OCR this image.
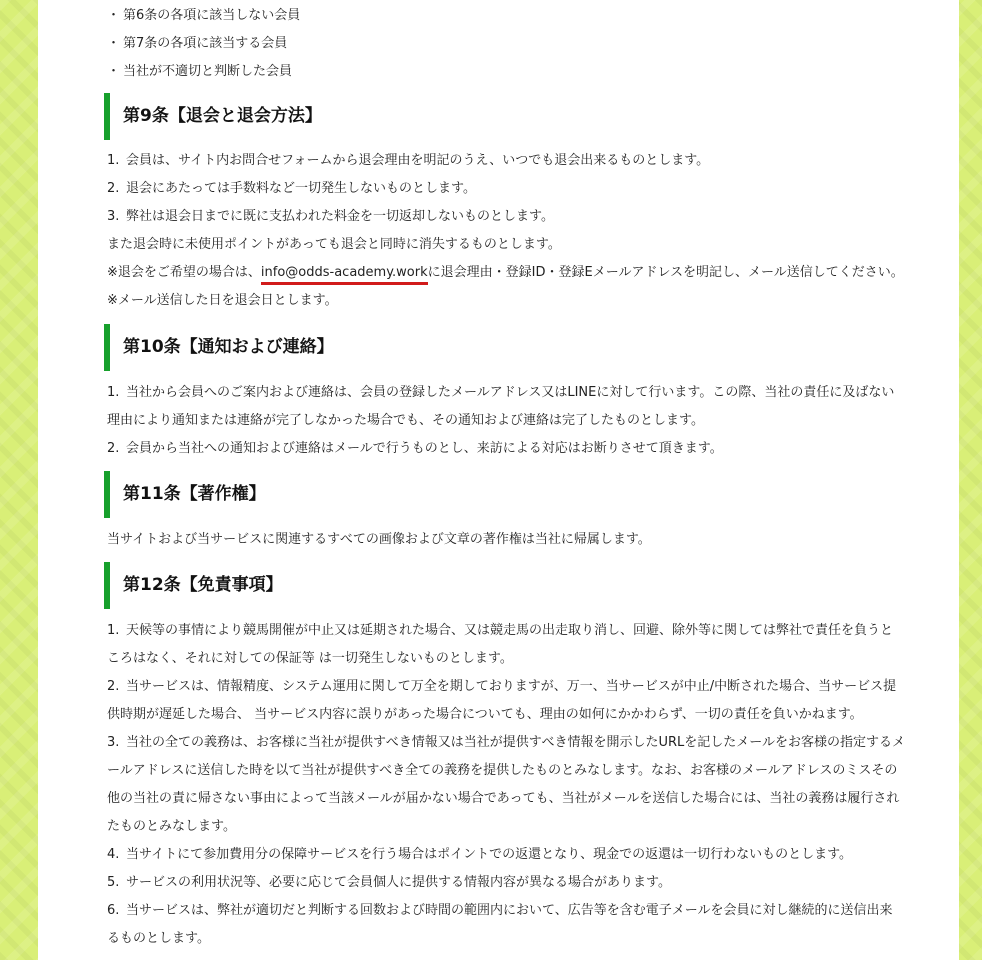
・ 第6条の各項に該当しない会員
・ 第7条の各項に該当する会員
・ 当社が不適切と判断した会員
第9条【退会と退会方法】
1. 会員は、サイト内お問合せフォームから退会理由を明記のうえ、いつでも退会出来るものとします。
2. 退会にあたっては手数料など一切発生しないものとします。
3. 弊社は退会日までに既に支払われた料金を一切返却しないものとします。
また退会時に未使用ポイントがあっても退会と同時に消失するものとします。
※退会をご希望の場合は、info@odds-academy.workに退会理由・登録ID・登録Eメールアドレスを明記し、メール送信してください。
※メール送信した日を退会日とします。
第10条【通知および連絡】
1. 当社から会員へのご案内および連絡は、会員の登録したメールアドレス又はLINEに対して行います。この際、当社の責任に及ばない
理由により通知または連絡が完了しなかった場合でも、その通知および連絡は完了したものとします。
2. 会員から当社への通知および連絡はメールで行うものとし、来訪による対応はお断りさせて頂きます。
第11条【著作権】
当サイトおよび当サービスに関連するすべての画像および文章の著作権は当社に帰属します。
第12条【免責事項】
1. 天候等の事情により競馬開催が中止又は延期された場合、又は競走馬の出走取り消し、回避、除外等に関しては弊社で責任を負うと
ころはなく、それに対しての保証等 は一切発生しないものとします。
2. 当サービスは、情報精度、システム運用に関して万全を期しておりますが、万一、当サービスが中止/中断された場合、当サービス提
供時期が遅延した場合、 当サービス内容に誤りがあった場合についても、理由の如何にかかわらず、一切の責任を負いかねます。
3. 当社の全ての義務は、お客様に当社が提供すべき情報又は当社が提供すべき情報を開示したURLを記したメールをお客様の指定するメ
ールアドレスに送信した時を以て当社が提供すべき全ての義務を提供したものとみなします。なお、お客様のメールアドレスのミスその
他の当社の責に帰さない事由によって当該メールが届かない場合であっても、当社がメールを送信した場合には、当社の義務は履行され
たものとみなします。
4. 当サイトにて参加費用分の保障サービスを行う場合はポイントでの返還となり、現金での返還は一切行わないものとします。
5. サービスの利用状況等、必要に応じて会員個人に提供する情報内容が異なる場合があります。
6. 当サービスは、弊社が適切だと判断する回数および時間の範囲内において、広告等を含む電子メールを会員に対し継続的に送信出来
るものとします。
